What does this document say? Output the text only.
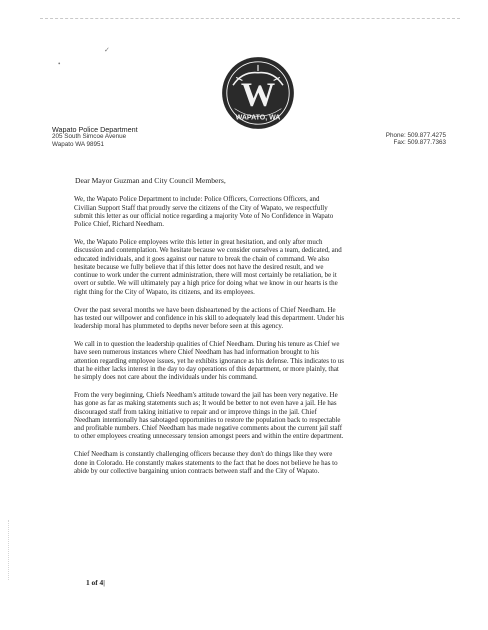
✓
•
W
WAPATO, WA
Wapato Police Department
205 South Simcoe Avenue
Wapato WA 98951
Phone: 509.877.4275
Fax: 509.877.7363
Dear Mayor Guzman and City Council Members,
We, the Wapato Police Department to include: Police Officers, Corrections Officers, and
Civilian Support Staff that proudly serve the citizens of the City of Wapato, we respectfully
submit this letter as our official notice regarding a majority Vote of No Confidence in Wapato
Police Chief, Richard Needham.
We, the Wapato Police employees write this letter in great hesitation, and only after much
discussion and contemplation. We hesitate because we consider ourselves a team, dedicated, and
educated individuals, and it goes against our nature to break the chain of command. We also
hesitate because we fully believe that if this letter does not have the desired result, and we
continue to work under the current administration, there will most certainly be retaliation, be it
overt or subtle. We will ultimately pay a high price for doing what we know in our hearts is the
right thing for the City of Wapato, its citizens, and its employees.
Over the past several months we have been disheartened by the actions of Chief Needham. He
has tested our willpower and confidence in his skill to adequately lead this department. Under his
leadership moral has plummeted to depths never before seen at this agency.
We call in to question the leadership qualities of Chief Needham. During his tenure as Chief we
have seen numerous instances where Chief Needham has had information brought to his
attention regarding employee issues, yet he exhibits ignorance as his defense. This indicates to us
that he either lacks interest in the day to day operations of this department, or more plainly, that
he simply does not care about the individuals under his command.
From the very beginning, Chiefs Needham's attitude toward the jail has been very negative. He
has gone as far as making statements such as; It would be better to not even have a jail. He has
discouraged staff from taking initiative to repair and or improve things in the jail. Chief
Needham intentionally has sabotaged opportunities to restore the population back to respectable
and profitable numbers. Chief Needham has made negative comments about the current jail staff
to other employees creating unnecessary tension amongst peers and within the entire department.
Chief Needham is constantly challenging officers because they don't do things like they were
done in Colorado. He constantly makes statements to the fact that he does not believe he has to
abide by our collective bargaining union contracts between staff and the City of Wapato.
1 of 4|
